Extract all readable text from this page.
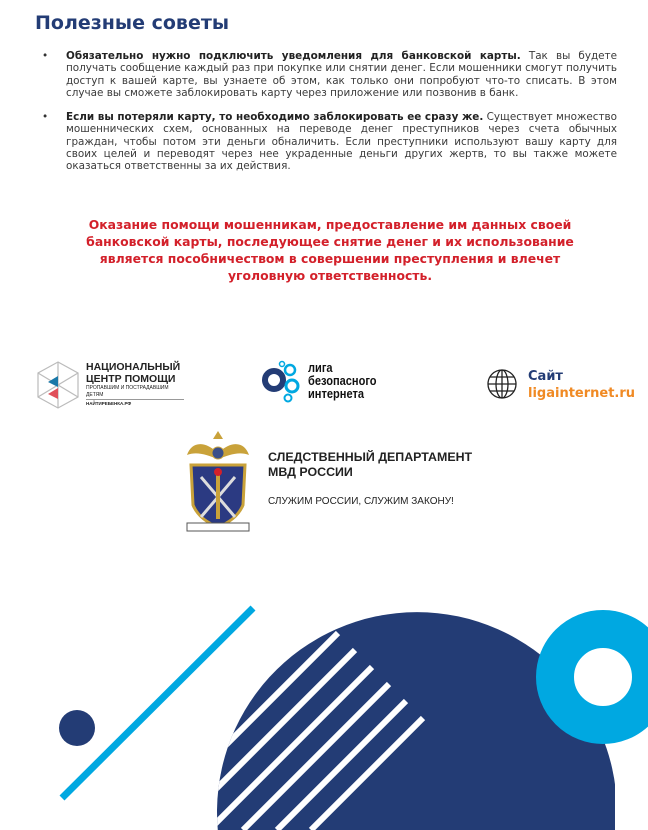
Полезные советы
• Обязательно нужно подключить уведомления для банковской карты. Так вы будете получать сообщение каждый раз при покупке или снятии денег. Если мошенники смогут получить доступ к вашей карте, вы узнаете об этом, как только они попробуют что-то списать. В этом случае вы сможете заблокировать карту через приложение или позвонив в банк.
• Если вы потеряли карту, то необходимо заблокировать ее сразу же. Существует множество мошеннических схем, основанных на переводе денег преступников через счета обычных граждан, чтобы потом эти деньги обналичить. Если преступники используют вашу карту для своих целей и переводят через нее украденные деньги других жертв, то вы также можете оказаться ответственны за их действия.
Оказание помощи мошенникам, предоставление им данных своей банковской карты, последующее снятие денег и их использование является пособничеством в совершении преступления и влечет уголовную ответственность.
НАЦИОНАЛЬНЫЙ
ЦЕНТР ПОМОЩИ
ПРОПАВШИМ И ПОСТРАДАВШИМ ДЕТЯМ
НАЙТИРЕБЕНКА.РФ
лига
безопасного
интернета
Сайт
ligainternet.ru
СЛЕДСТВЕННЫЙ ДЕПАРТАМЕНТ
МВД РОССИИ
СЛУЖИМ РОССИИ, СЛУЖИМ ЗАКОНУ!
